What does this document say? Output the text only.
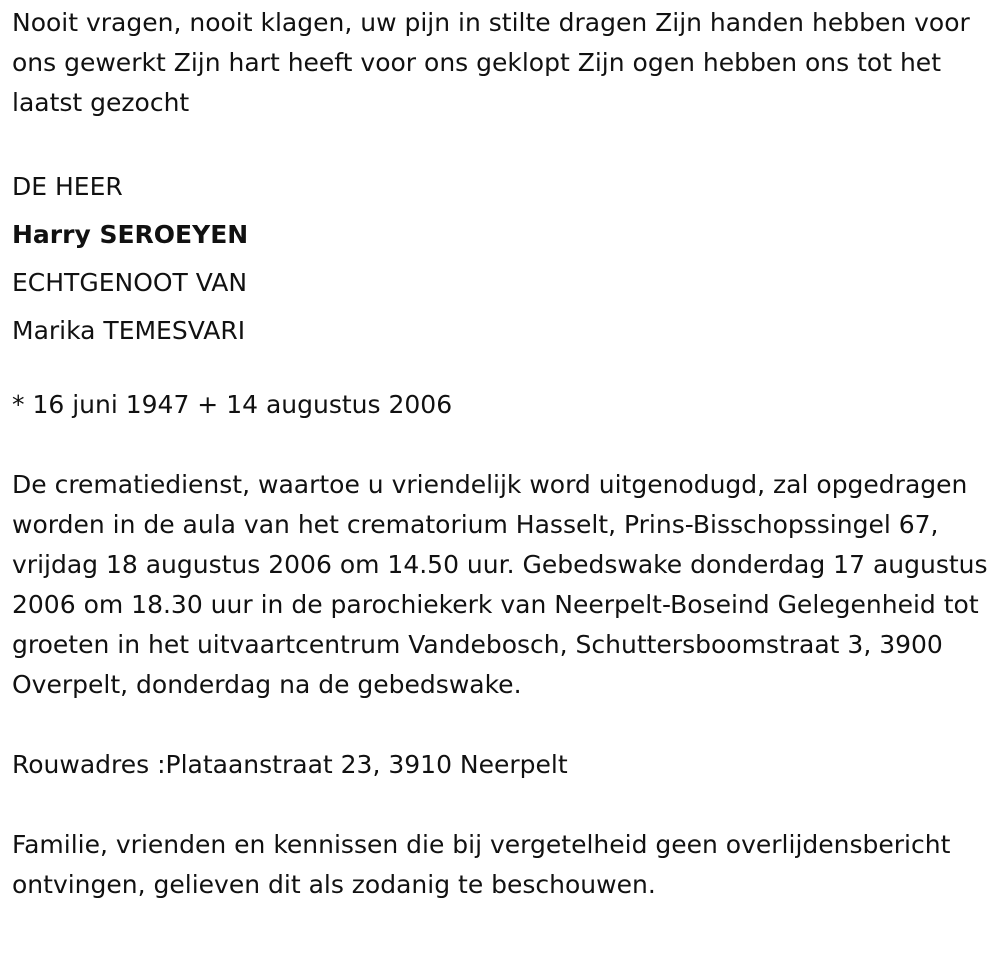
Nooit vragen, nooit klagen, uw pijn in stilte dragen Zijn handen hebben voor ons gewerkt Zijn hart heeft voor ons geklopt Zijn ogen hebben ons tot het laatst gezocht

DE HEER
Harry SEROEYEN
ECHTGENOOT VAN
Marika TEMESVARI

* 16 juni 1947 + 14 augustus 2006

De crematiedienst, waartoe u vriendelijk word uitgenodugd, zal opgedragen worden in de aula van het crematorium Hasselt, Prins-Bisschopssingel 67, vrijdag 18 augustus 2006 om 14.50 uur. Gebedswake donderdag 17 augustus 2006 om 18.30 uur in de parochiekerk van Neerpelt-Boseind Gelegenheid tot groeten in het uitvaartcentrum Vandebosch, Schuttersboomstraat 3, 3900 Overpelt, donderdag na de gebedswake.

Rouwadres :Plataanstraat 23, 3910 Neerpelt

Familie, vrienden en kennissen die bij vergetelheid geen overlijdensbericht ontvingen, gelieven dit als zodanig te beschouwen.
